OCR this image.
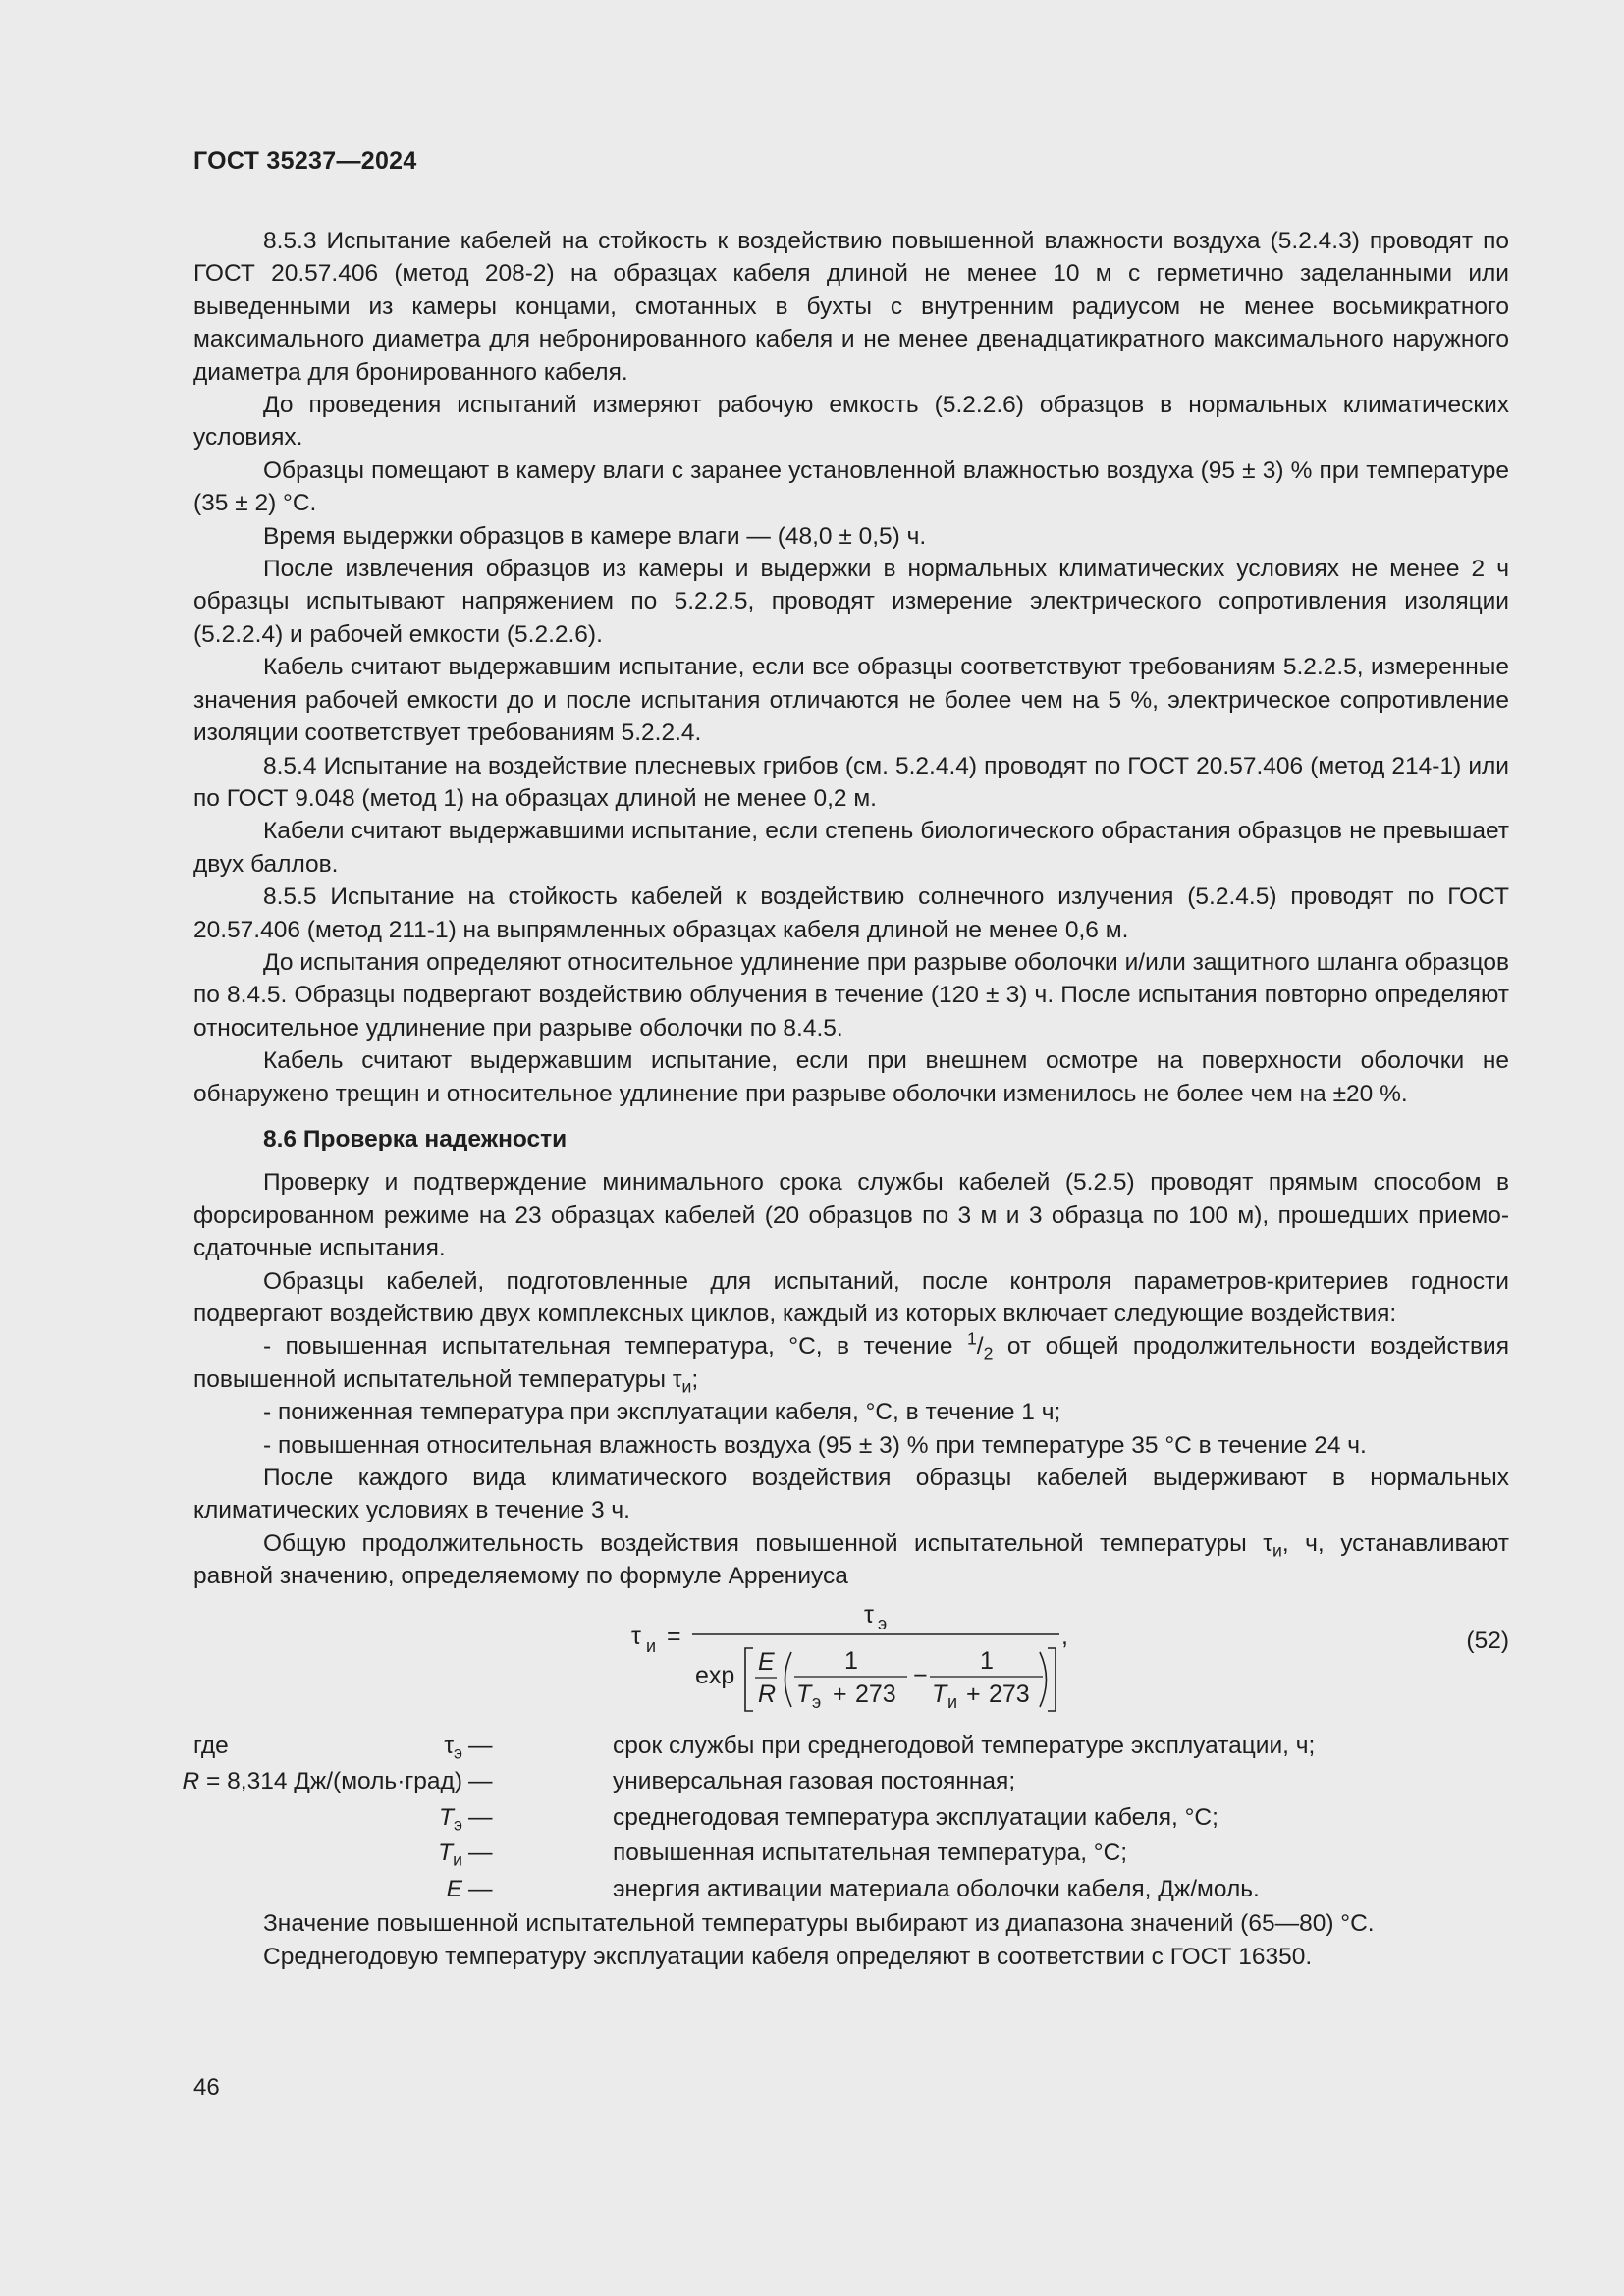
ГОСТ 35237—2024

8.5.3 Испытание кабелей на стойкость к воздействию повышенной влажности воздуха (5.2.4.3) проводят по ГОСТ 20.57.406 (метод 208-2) на образцах кабеля длиной не менее 10 м с герметично заделанными или выведенными из камеры концами, смотанных в бухты с внутренним радиусом не менее восьмикратного максимального диаметра для небронированного кабеля и не менее двенадцатикратного максимального наружного диаметра для бронированного кабеля.

До проведения испытаний измеряют рабочую емкость (5.2.2.6) образцов в нормальных климатических условиях.

Образцы помещают в камеру влаги с заранее установленной влажностью воздуха (95 ± 3) % при температуре (35 ± 2) °С.

Время выдержки образцов в камере влаги — (48,0 ± 0,5) ч.

После извлечения образцов из камеры и выдержки в нормальных климатических условиях не менее 2 ч образцы испытывают напряжением по 5.2.2.5, проводят измерение электрического сопротивления изоляции (5.2.2.4) и рабочей емкости (5.2.2.6).

Кабель считают выдержавшим испытание, если все образцы соответствуют требованиям 5.2.2.5, измеренные значения рабочей емкости до и после испытания отличаются не более чем на 5 %, электрическое сопротивление изоляции соответствует требованиям 5.2.2.4.

8.5.4 Испытание на воздействие плесневых грибов (см. 5.2.4.4) проводят по ГОСТ 20.57.406 (метод 214-1) или по ГОСТ 9.048 (метод 1) на образцах длиной не менее 0,2 м.

Кабели считают выдержавшими испытание, если степень биологического обрастания образцов не превышает двух баллов.

8.5.5 Испытание на стойкость кабелей к воздействию солнечного излучения (5.2.4.5) проводят по ГОСТ 20.57.406 (метод 211-1) на выпрямленных образцах кабеля длиной не менее 0,6 м.

До испытания определяют относительное удлинение при разрыве оболочки и/или защитного шланга образцов по 8.4.5. Образцы подвергают воздействию облучения в течение (120 ± 3) ч. После испытания повторно определяют относительное удлинение при разрыве оболочки по 8.4.5.

Кабель считают выдержавшим испытание, если при внешнем осмотре на поверхности оболочки не обнаружено трещин и относительное удлинение при разрыве оболочки изменилось не более чем на ±20 %.

8.6 Проверка надежности

Проверку и подтверждение минимального срока службы кабелей (5.2.5) проводят прямым способом в форсированном режиме на 23 образцах кабелей (20 образцов по 3 м и 3 образца по 100 м), прошедших приемо-сдаточные испытания.

Образцы кабелей, подготовленные для испытаний, после контроля параметров-критериев годности подвергают воздействию двух комплексных циклов, каждый из которых включает следующие воздействия:

- повышенная испытательная температура, °С, в течение $^1/_2$ от общей продолжительности воздействия повышенной испытательной температуры $\tau_и$;

- пониженная температура при эксплуатации кабеля, °С, в течение 1 ч;

- повышенная относительная влажность воздуха (95 ± 3) % при температуре 35 °С в течение 24 ч.

После каждого вида климатического воздействия образцы кабелей выдерживают в нормальных климатических условиях в течение 3 ч.

Общую продолжительность воздействия повышенной испытательной температуры $\tau_и$, ч, устанавливают равной значению, определяемому по формуле Аррениуса

τ и =
τ э
exp E
R
1
T э + 273
−
1
T и + 273
,	(52)
где	$\tau_э$ —	срок службы при среднегодовой температуре эксплуатации, ч;
R = 8,314 Дж/(моль·град) —	универсальная газовая постоянная;
$T_э$ —	среднегодовая температура эксплуатации кабеля, °С;
$T_и$ —	повышенная испытательная температура, °С;
E —	энергия активации материала оболочки кабеля, Дж/моль.

Значение повышенной испытательной температуры выбирают из диапазона значений (65—80) °С.

Среднегодовую температуру эксплуатации кабеля определяют в соответствии с ГОСТ 16350.

46
